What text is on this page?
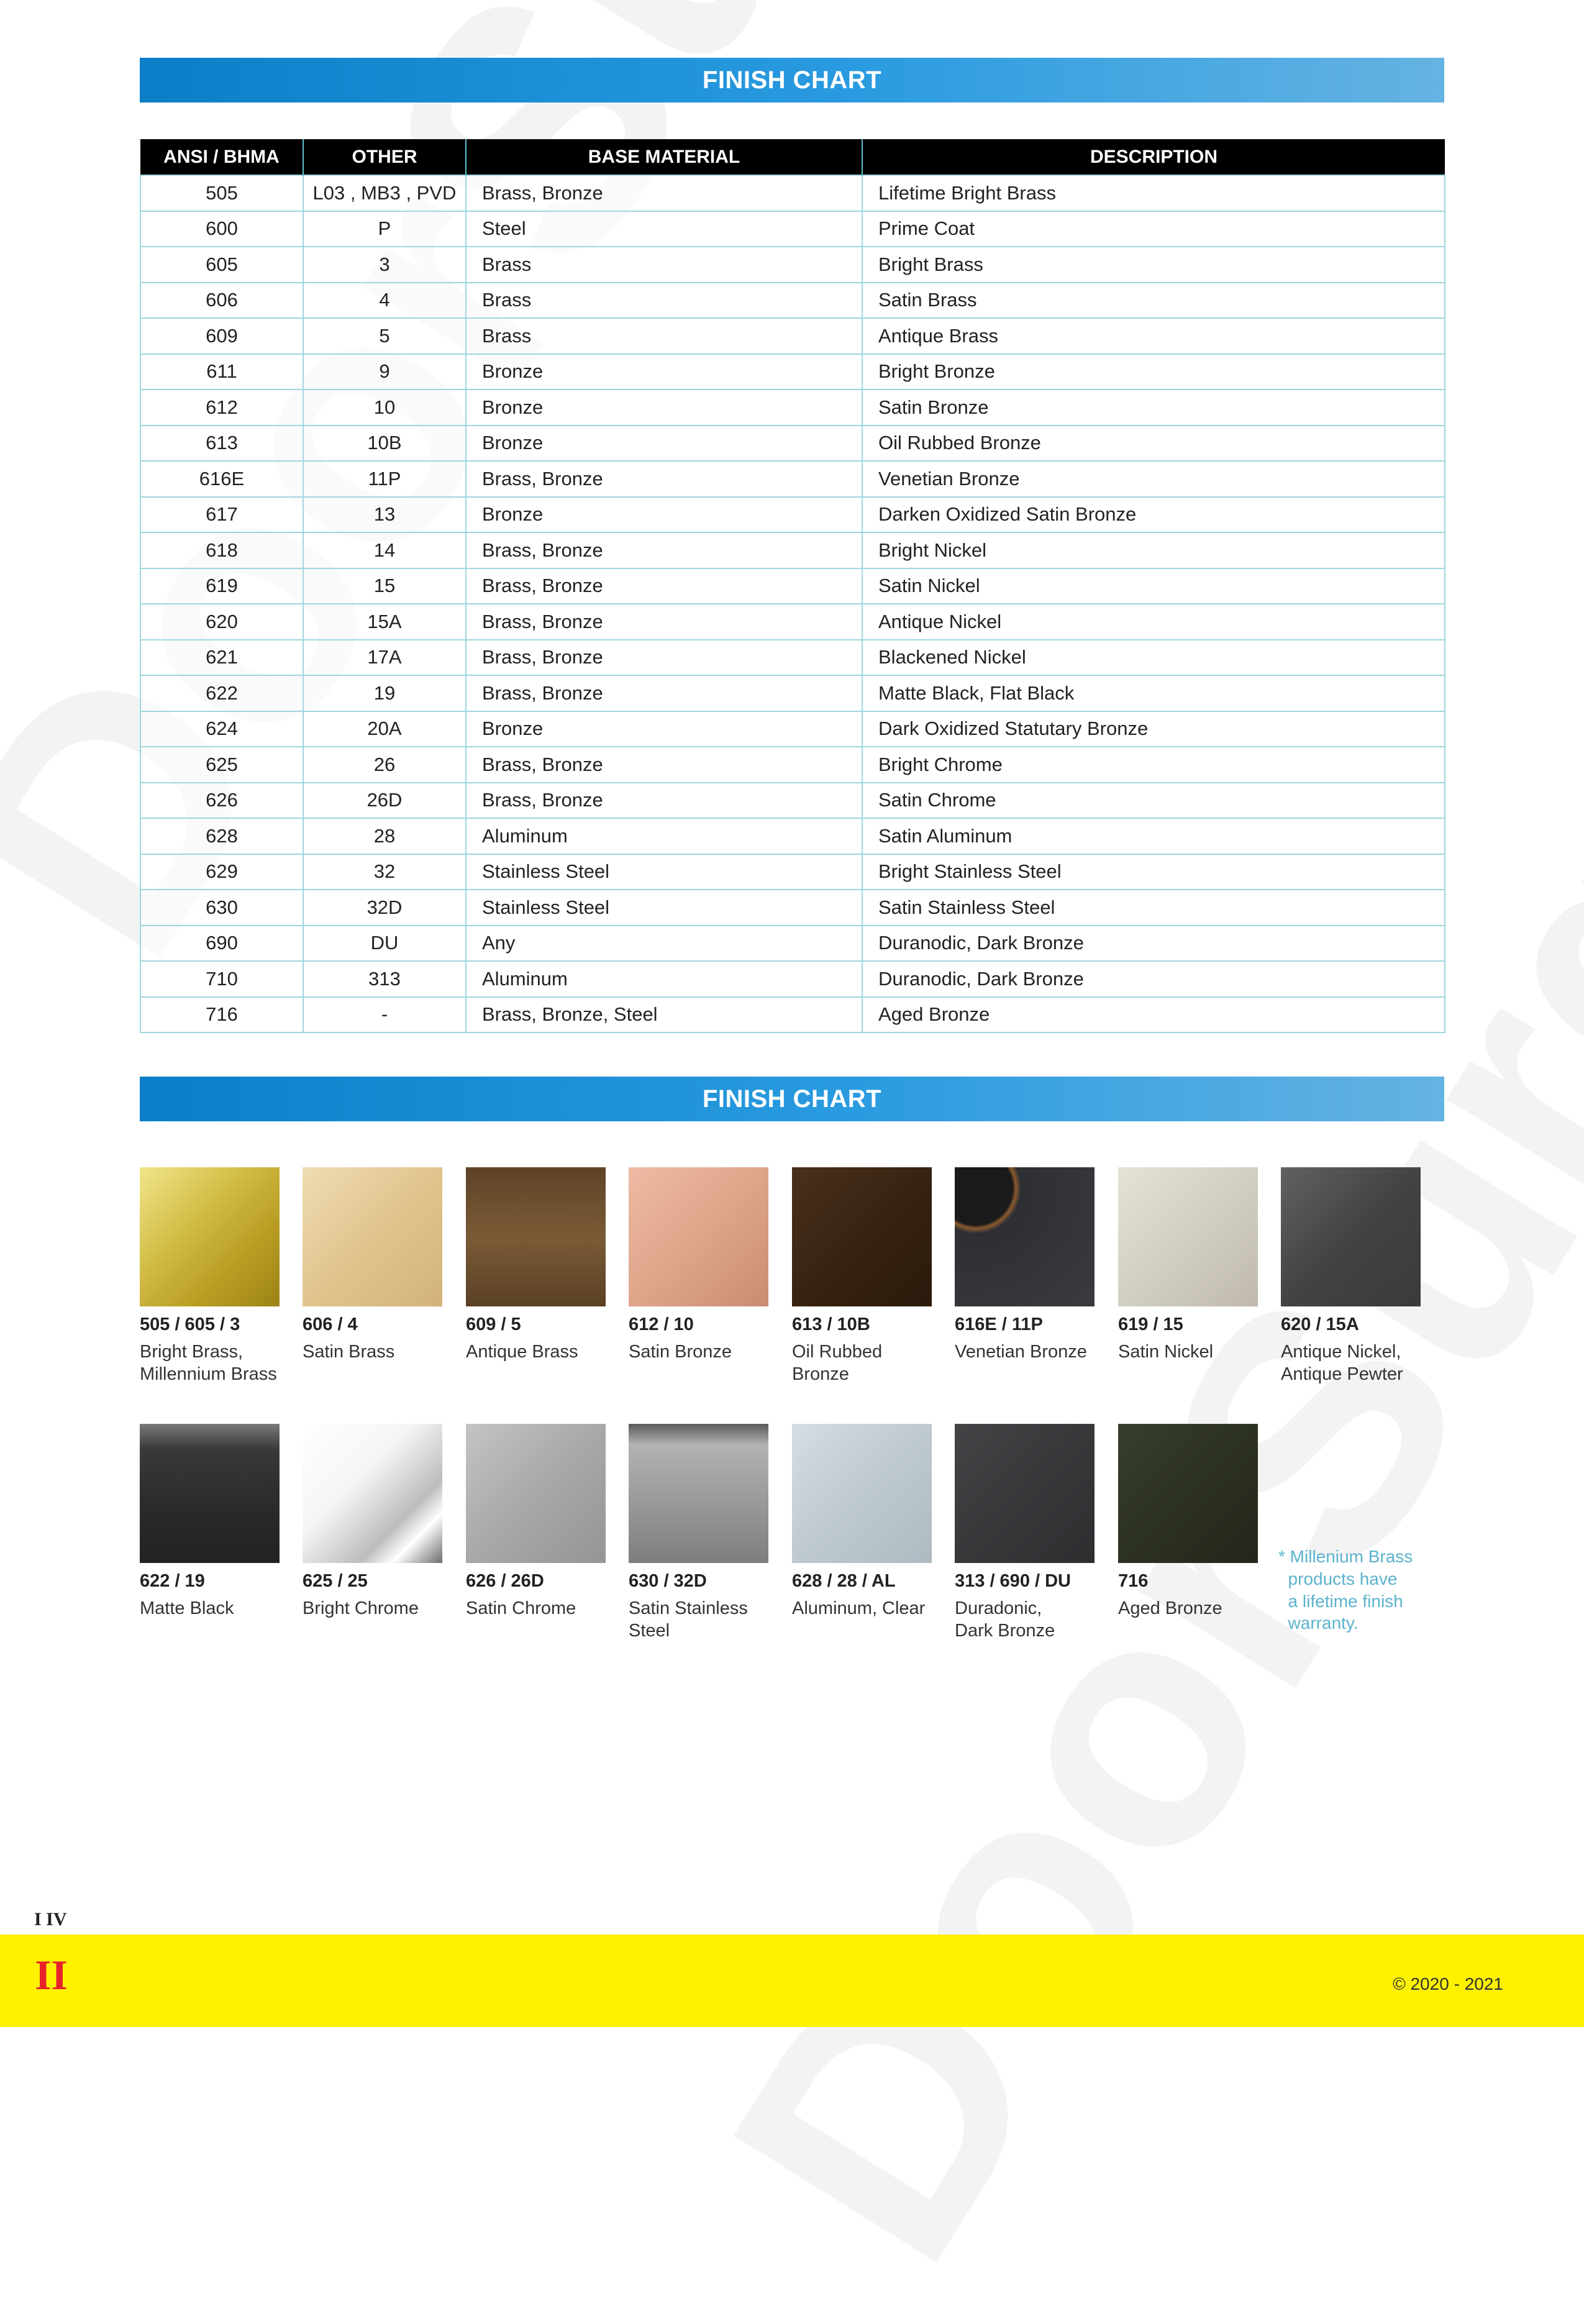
FINISH CHART
ANSI / BHMA	OTHER	BASE MATERIAL	DESCRIPTION
505	L03 , MB3 , PVD	Brass, Bronze	Lifetime Bright Brass
600	P	Steel	Prime Coat
605	3	Brass	Bright Brass
606	4	Brass	Satin Brass
609	5	Brass	Antique Brass
611	9	Bronze	Bright Bronze
612	10	Bronze	Satin Bronze
613	10B	Bronze	Oil Rubbed Bronze
616E	11P	Brass, Bronze	Venetian Bronze
617	13	Bronze	Darken Oxidized Satin Bronze
618	14	Brass, Bronze	Bright Nickel
619	15	Brass, Bronze	Satin Nickel
620	15A	Brass, Bronze	Antique Nickel
621	17A	Brass, Bronze	Blackened Nickel
622	19	Brass, Bronze	Matte Black, Flat Black
624	20A	Bronze	Dark Oxidized Statutary Bronze
625	26	Brass, Bronze	Bright Chrome
626	26D	Brass, Bronze	Satin Chrome
628	28	Aluminum	Satin Aluminum
629	32	Stainless Steel	Bright Stainless Steel
630	32D	Stainless Steel	Satin Stainless Steel
690	DU	Any	Duranodic, Dark Bronze
710	313	Aluminum	Duranodic, Dark Bronze
716	-	Brass, Bronze, Steel	Aged Bronze
FINISH CHART
505 / 605 / 3
Bright Brass,
Millennium Brass
606 / 4
Satin Brass
609 / 5
Antique Brass
612 / 10
Satin Bronze
613 / 10B
Oil Rubbed Bronze
616E / 11P
Venetian Bronze
619 / 15
Satin Nickel
620 / 15A
Antique Nickel,
Antique Pewter
622 / 19
Matte Black
625 / 25
Bright Chrome
626 / 26D
Satin Chrome
630 / 32D
Satin Stainless
Steel
628 / 28 / AL
Aluminum, Clear
313 / 690 / DU
Duradonic,
Dark Bronze
716
Aged Bronze
* Millenium Brass
products have
a lifetime finish
warranty.
I IV
II	© 2020 - 2021
